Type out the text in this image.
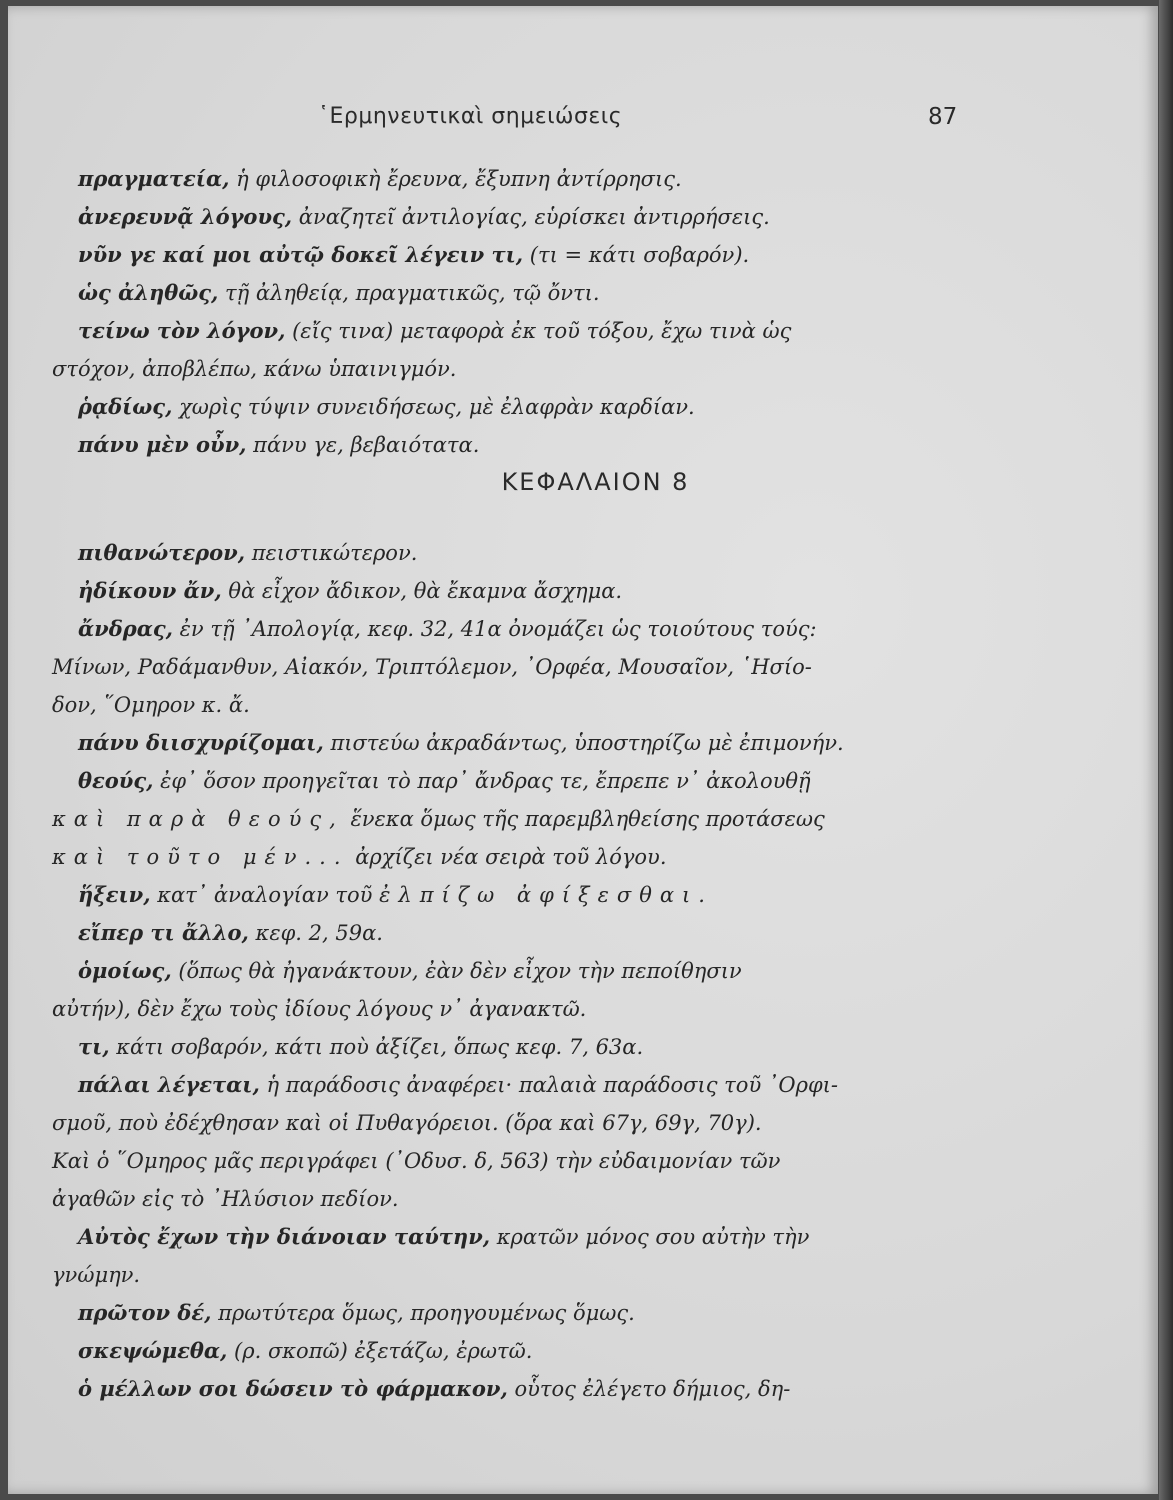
῾Ερμηνευτικαὶ σημειώσεις	87
πραγματεία, ἡ φιλοσοφικὴ ἔρευνα, ἔξυπνη ἀντίρρησις.
ἀνερευνᾷ λόγους, ἀναζητεῖ ἀντιλογίας, εὑρίσκει ἀντιρρήσεις.
νῦν γε καί μοι αὐτῷ δοκεῖ λέγειν τι, (τι = κάτι σοβαρόν).
ὡς ἀληθῶς, τῇ ἀληθείᾳ, πραγματικῶς, τῷ ὄντι.
τείνω τὸν λόγον, (εἴς τινα) μεταφορὰ ἐκ τοῦ τόξου, ἔχω τινὰ ὡς
στόχον, ἀποβλέπω, κάνω ὑπαινιγμόν.
ῥᾳδίως, χωρὶς τύψιν συνειδήσεως, μὲ ἐλαφρὰν καρδίαν.
πάνυ μὲν οὖν, πάνυ γε, βεβαιότατα.
ΚΕΦΑΛΑΙΟΝ 8
πιθανώτερον, πειστικώτερον.
ἠδίκουν ἄν, θὰ εἶχον ἄδικον, θὰ ἔκαμνα ἄσχημα.
ἄνδρας, ἐν τῇ ᾿Απολογίᾳ, κεφ. 32, 41α ὀνομάζει ὡς τοιούτους τούς:
Μίνων, Ραδάμανθυν, Αἰακόν, Τριπτόλεμον, ᾿Ορφέα, Μουσαῖον, ῾Ησίο-
δον, ῞Ομηρον κ. ἄ.
πάνυ διισχυρίζομαι, πιστεύω ἀκραδάντως, ὑποστηρίζω μὲ ἐπιμονήν.
θεούς, ἐφ᾿ ὅσον προηγεῖται τὸ παρ᾿ ἄνδρας τε, ἔπρεπε ν᾿ ἀκολουθῇ
καὶ παρὰ θεούς, ἕνεκα ὅμως τῆς παρεμβληθείσης προτάσεως
καὶ τοῦτο μέν... ἀρχίζει νέα σειρὰ τοῦ λόγου.
ἥξειν, κατ᾿ ἀναλογίαν τοῦ ἐλπίζω ἀφίξεσθαι.
εἴπερ τι ἄλλο, κεφ. 2, 59α.
ὁμοίως, (ὅπως θὰ ἠγανάκτουν, ἐὰν δὲν εἶχον τὴν πεποίθησιν
αὐτήν), δὲν ἔχω τοὺς ἰδίους λόγους ν᾿ ἀγανακτῶ.
τι, κάτι σοβαρόν, κάτι ποὺ ἀξίζει, ὅπως κεφ. 7, 63α.
πάλαι λέγεται, ἡ παράδοσις ἀναφέρει· παλαιὰ παράδοσις τοῦ ᾿Ορφι-
σμοῦ, ποὺ ἐδέχθησαν καὶ οἱ Πυθαγόρειοι. (ὅρα καὶ 67γ, 69γ, 70γ).
Καὶ ὁ ῞Ομηρος μᾶς περιγράφει (᾿Οδυσ. δ, 563) τὴν εὐδαιμονίαν τῶν
ἀγαθῶν εἰς τὸ ᾿Ηλύσιον πεδίον.
Αὐτὸς ἔχων τὴν διάνοιαν ταύτην, κρατῶν μόνος σου αὐτὴν τὴν
γνώμην.
πρῶτον δέ, πρωτύτερα ὅμως, προηγουμένως ὅμως.
σκεψώμεθα, (ρ. σκοπῶ) ἐξετάζω, ἐρωτῶ.
ὁ μέλλων σοι δώσειν τὸ φάρμακον, οὗτος ἐλέγετο δήμιος, δη-
